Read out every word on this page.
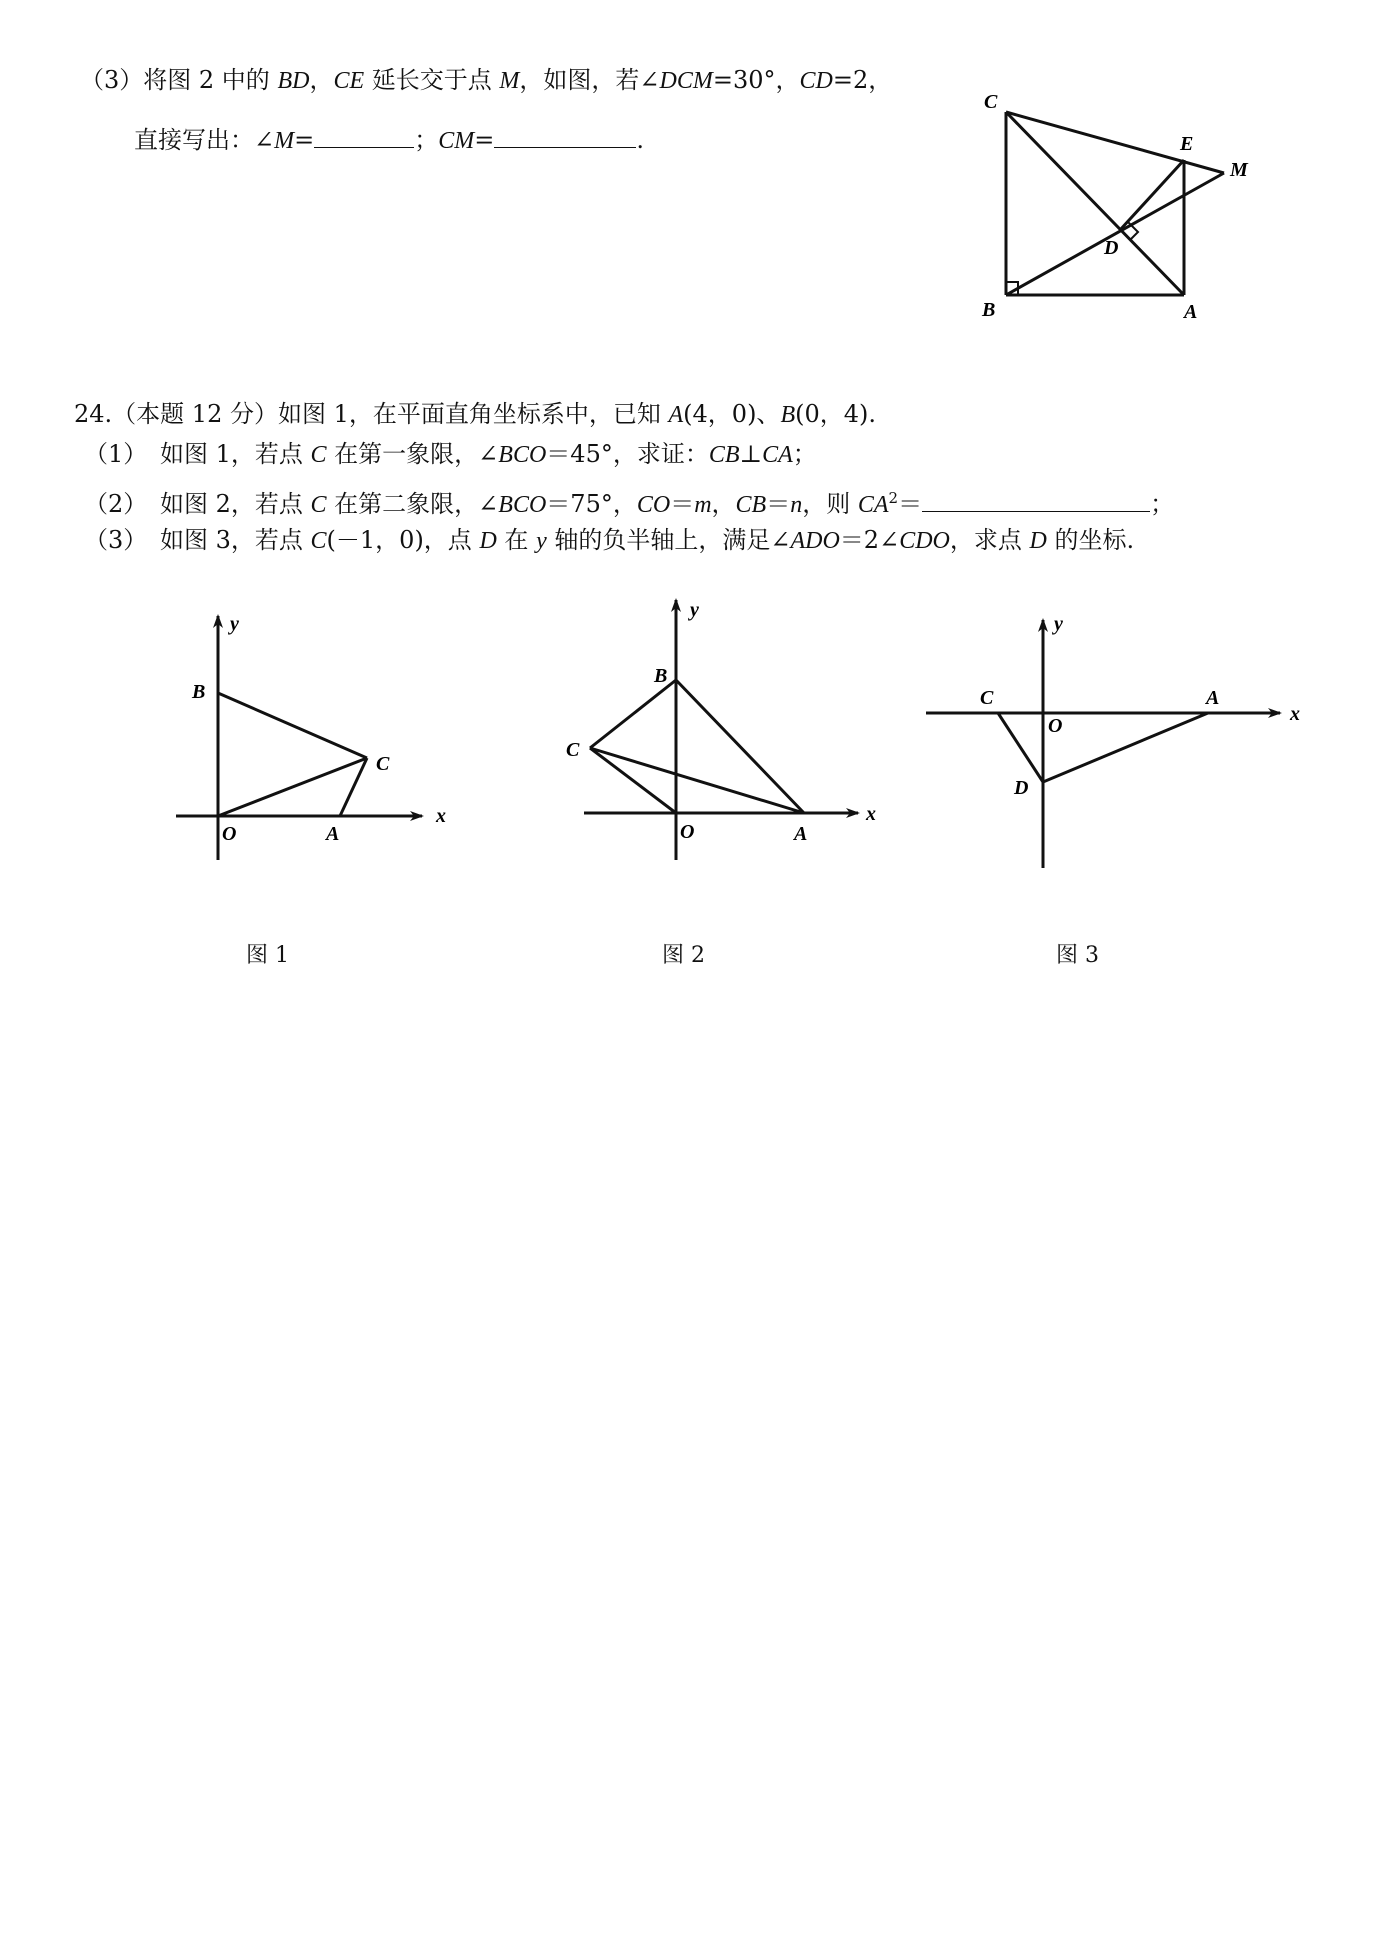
（3）将图 2 中的 BD，CE 延长交于点 M，如图，若∠DCM=30°，CD=2，
直接写出：∠M=	；CM=	.
C
E
M
D
B	A
24.（本题 12 分）如图 1，在平面直角坐标系中，已知 A(4，0)、B(0，4).
（1） 如图 1，若点 C 在第一象限，∠BCO＝45°，求证：CB⊥CA；
（2） 如图 2，若点 C 在第二象限，∠BCO＝75°，CO＝m，CB＝n，则 $CA^2=$	；
（3） 如图 3，若点 C(－1，0)，点 D 在 y 轴的负半轴上，满足∠ADO＝2∠CDO，求点 D 的坐标.
y
B
C
O	A
x
y
B
C
O	A
x
y
C	A
O
D
x
图 1	图 2	图 3
